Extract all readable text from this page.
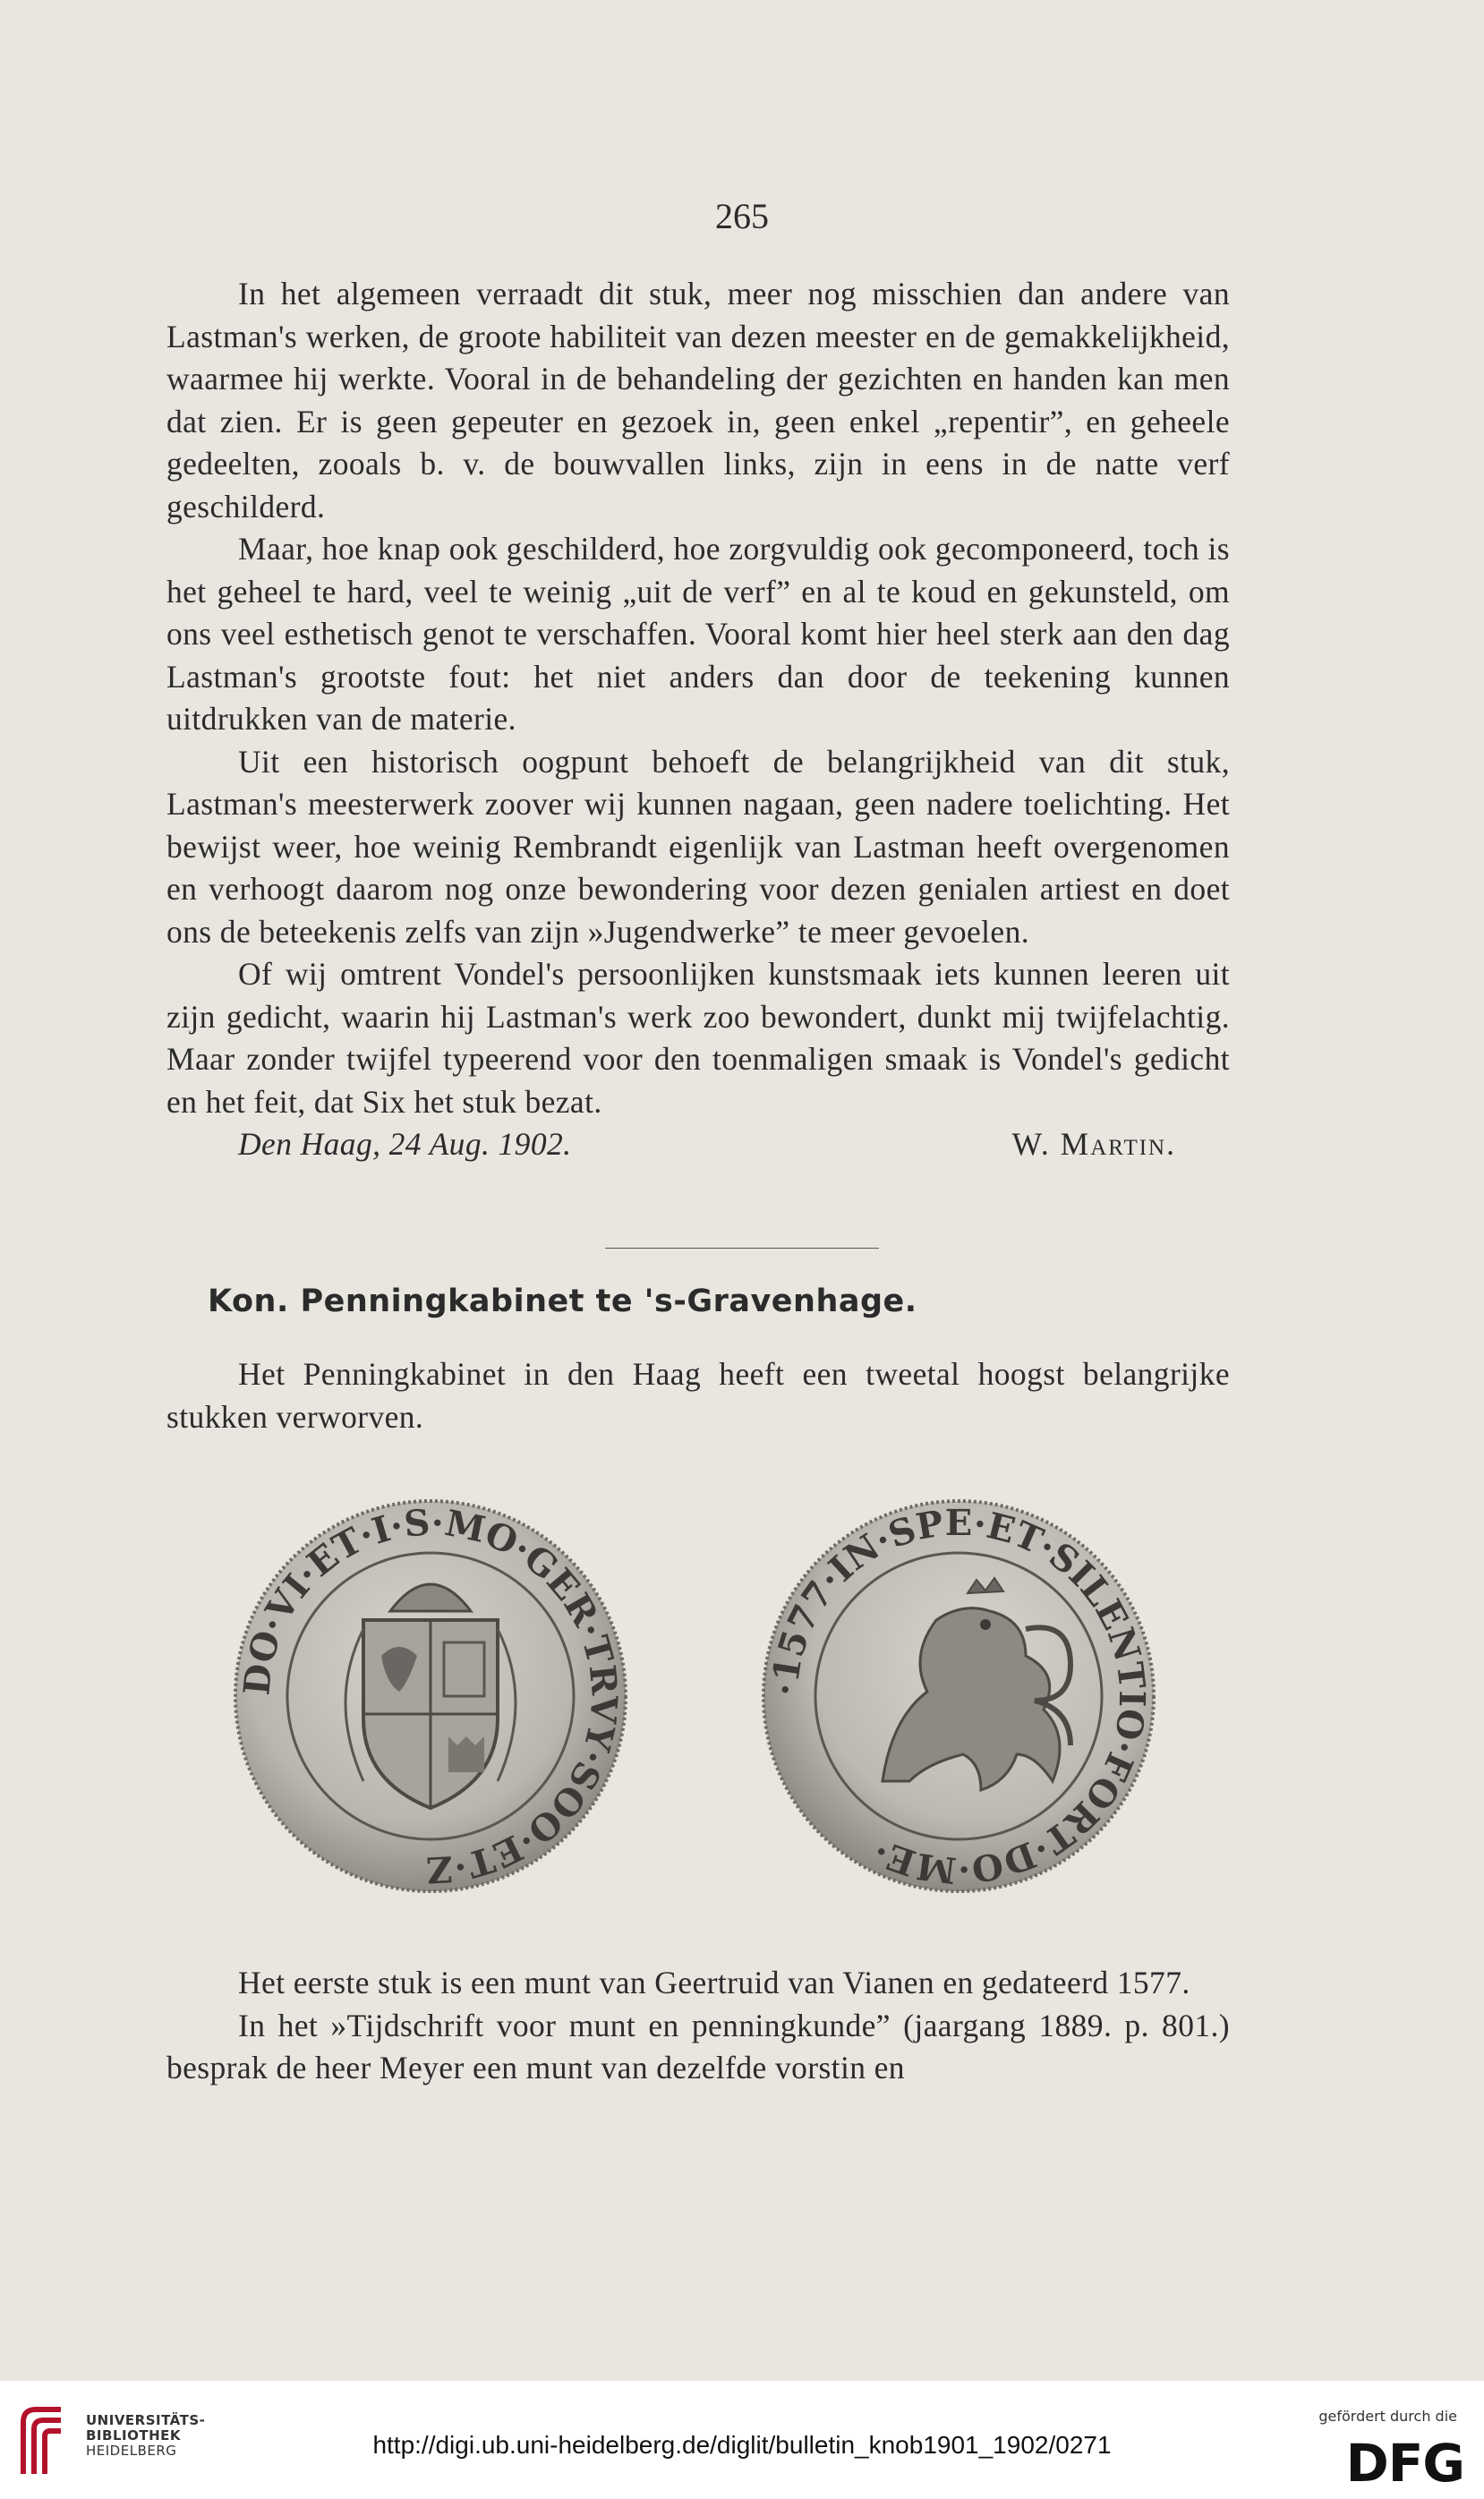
265

In het algemeen verraadt dit stuk, meer nog misschien dan andere van Lastman's werken, de groote habiliteit van dezen meester en de gemakkelijkheid, waarmee hij werkte. Vooral in de behandeling der gezichten en handen kan men dat zien. Er is geen gepeuter en gezoek in, geen enkel „repentir”, en geheele gedeelten, zooals b. v. de bouwvallen links, zijn in eens in de natte verf geschilderd.

Maar, hoe knap ook geschilderd, hoe zorgvuldig ook gecomponeerd, toch is het geheel te hard, veel te weinig „uit de verf” en al te koud en gekunsteld, om ons veel esthetisch genot te verschaffen. Vooral komt hier heel sterk aan den dag Lastman's grootste fout: het niet anders dan door de teekening kunnen uitdrukken van de materie.

Uit een historisch oogpunt behoeft de belangrijkheid van dit stuk, Lastman's meesterwerk zoover wij kunnen nagaan, geen nadere toelichting. Het bewijst weer, hoe weinig Rembrandt eigenlijk van Lastman heeft overgenomen en verhoogt daarom nog onze bewondering voor dezen genialen artiest en doet ons de beteekenis zelfs van zijn »Jugendwerke” te meer gevoelen.

Of wij omtrent Vondel's persoonlijken kunstsmaak iets kunnen leeren uit zijn gedicht, waarin hij Lastman's werk zoo bewondert, dunkt mij twijfelachtig. Maar zonder twijfel typeerend voor den toenmaligen smaak is Vondel's gedicht en het feit, dat Six het stuk bezat.

Den Haag, 24 Aug. 1902.	W. Martin.
Kon. Penningkabinet te 's-Gravenhage.

Het Penningkabinet in den Haag heeft een tweetal hoogst belangrijke stukken verworven.

DO·VI·ET·I·S·MO·GER·TRVY·SOO·ET·Z
·1577·IN·SPE·ET·SILENTIO·FORT·DO·ME·

Het eerste stuk is een munt van Geertruid van Vianen en gedateerd 1577.

In het »Tijdschrift voor munt en penningkunde” (jaargang 1889. p. 801.) besprak de heer Meyer een munt van dezelfde vorstin en

UNIVERSITÄTS-
BIBLIOTHEK
HEIDELBERG	http://digi.ub.uni-heidelberg.de/diglit/bulletin_knob1901_1902/0271
gefördert durch die
DFG
